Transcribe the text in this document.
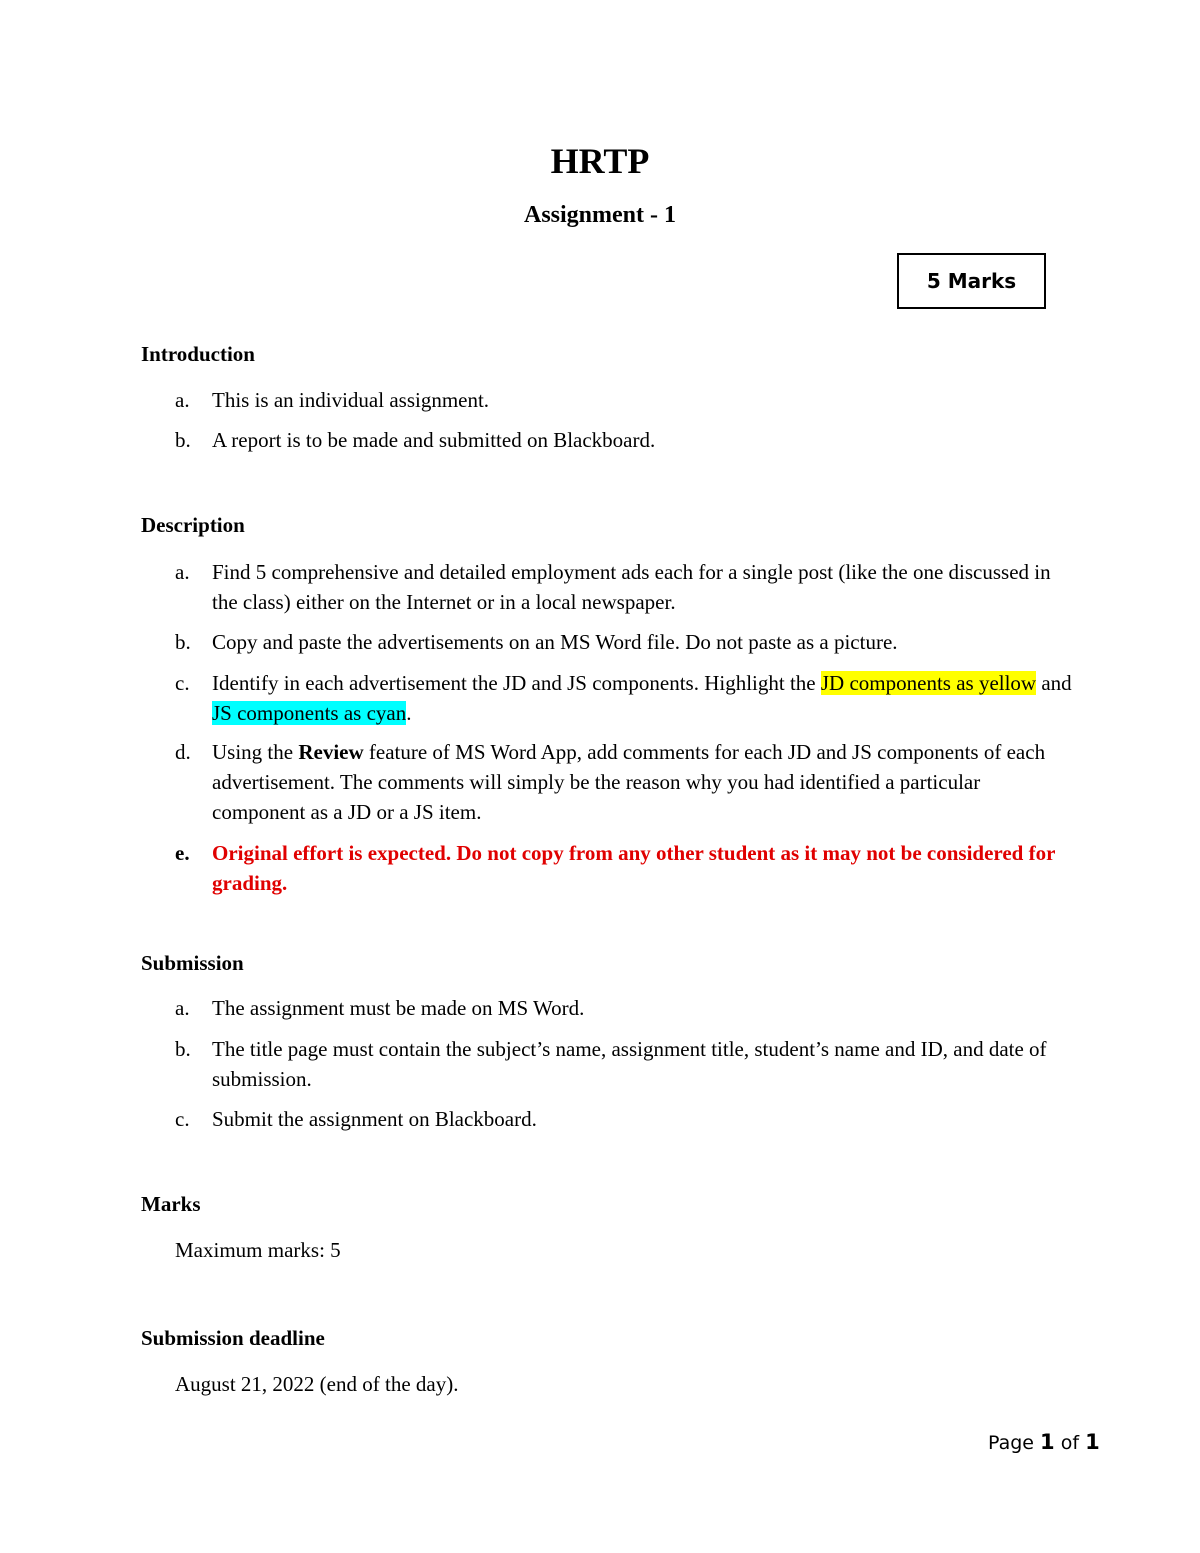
HRTP
Assignment - 1
5 Marks
Introduction
a.	This is an individual assignment.
b.	A report is to be made and submitted on Blackboard.
Description
a.	Find 5 comprehensive and detailed employment ads each for a single post (like the one discussed in the class) either on the Internet or in a local newspaper.
b.	Copy and paste the advertisements on an MS Word file. Do not paste as a picture.
c.	Identify in each advertisement the JD and JS components. Highlight the JD components as yellow and JS components as cyan.
d.	Using the Review feature of MS Word App, add comments for each JD and JS components of each advertisement. The comments will simply be the reason why you had identified a particular component as a JD or a JS item.
e.	Original effort is expected. Do not copy from any other student as it may not be considered for grading.
Submission
a.	The assignment must be made on MS Word.
b.	The title page must contain the subject’s name, assignment title, student’s name and ID, and date of submission.
c.	Submit the assignment on Blackboard.
Marks
Maximum marks: 5
Submission deadline
August 21, 2022 (end of the day).
Page 1 of 1
